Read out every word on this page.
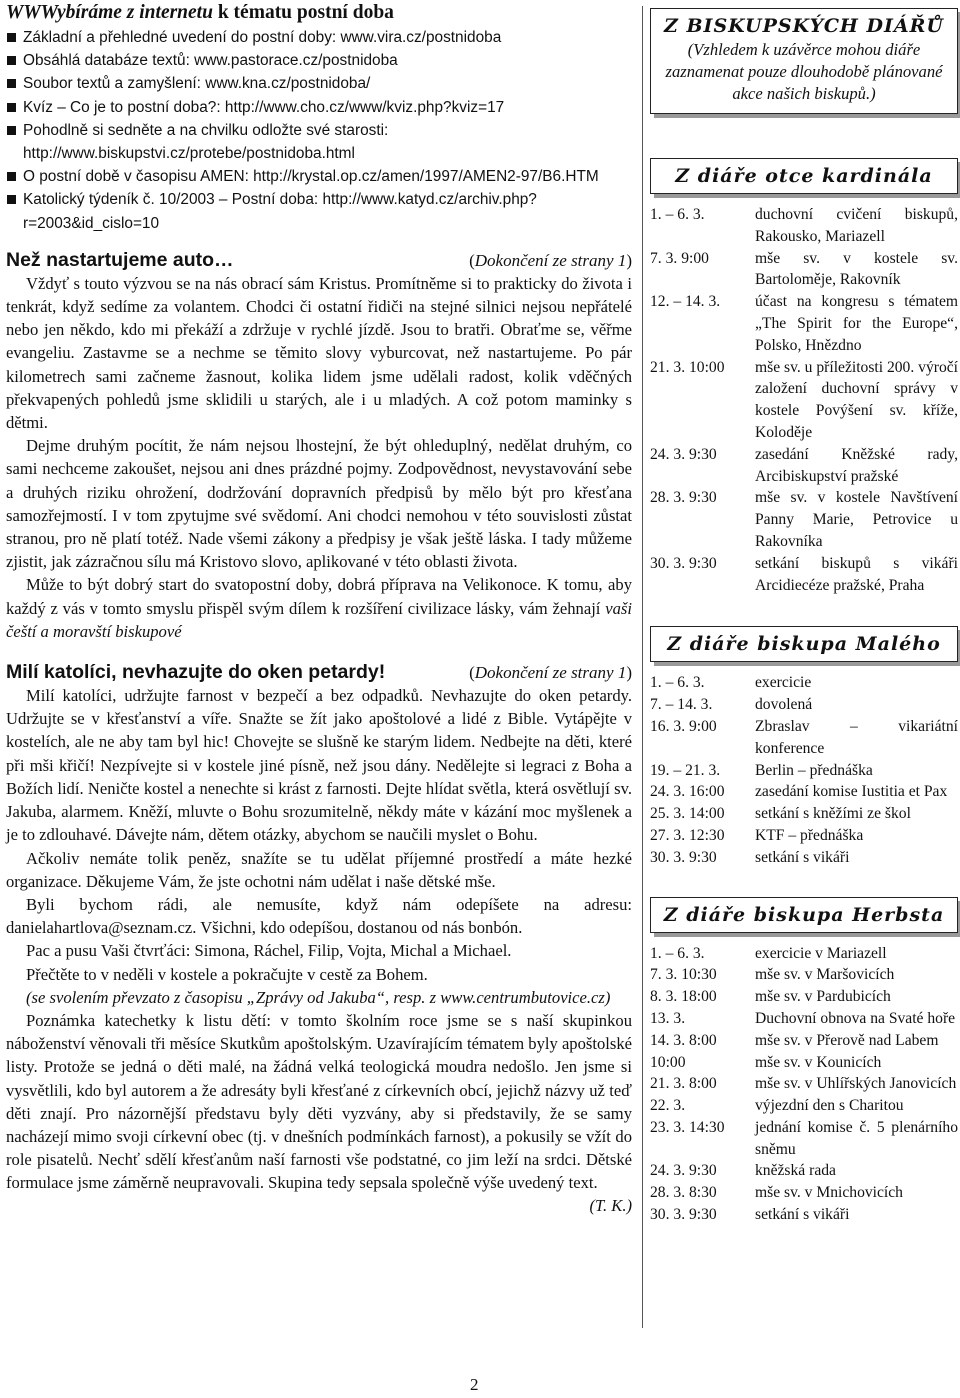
WWWybíráme z internetu k tématu postní doba
Základní a přehledné uvedení do postní doby: www.vira.cz/postnidoba
Obsáhlá databáze textů: www.pastorace.cz/postnidoba
Soubor textů a zamyšlení: www.kna.cz/postnidoba/
Kvíz – Co je to postní doba?: http://www.cho.cz/www/kviz.php?kviz=17
Pohodlně si sedněte a na chvilku odložte své starosti: http://www.biskupstvi.cz/protebe/postnidoba.html
O postní době v časopisu AMEN: http://krystal.op.cz/amen/1997/AMEN2-97/B6.HTM
Katolický týdeník č. 10/2003 – Postní doba: http://www.katyd.cz/archiv.php?r=2003&id_cislo=10
Než nastartujeme auto…	(Dokončení ze strany 1)

Vždyť s touto výzvou se na nás obrací sám Kristus. Promítněme si to prakticky do života i tenkrát, když sedíme za volantem. Chodci či ostatní řidiči na stejné silnici nejsou nepřátelé nebo jen někdo, kdo mi překáží a zdržuje v rychlé jízdě. Jsou to bratři. Obraťme se, věřme evangeliu. Zastavme se a nechme se těmito slovy vyburcovat, než nastartujeme. Po pár kilometrech sami začneme žasnout, kolika lidem jsme udělali radost, kolik vděčných překvapených pohledů jsme sklidili u starých, ale i u mladých. A což potom maminky s dětmi.

Dejme druhým pocítit, že nám nejsou lhostejní, že být ohleduplný, nedělat druhým, co sami nechceme zakoušet, nejsou ani dnes prázdné pojmy. Zodpovědnost, nevystavování sebe a druhých riziku ohrožení, dodržování dopravních předpisů by mělo být pro křesťana samozřejmostí. I v tom zpytujme své svědomí. Ani chodci nemohou v této souvislosti zůstat stranou, pro ně platí totéž. Nade všemi zákony a předpisy je však ještě láska. I tady můžeme zjistit, jak zázračnou sílu má Kristovo slovo, aplikované v této oblasti života.

Může to být dobrý start do svatopostní doby, dobrá příprava na Velikonoce. K tomu, aby každý z vás v tomto smyslu přispěl svým dílem k rozšíření civilizace lásky, vám žehnají vaši čeští a moravští biskupové

Milí katolíci, nevhazujte do oken petardy!	(Dokončení ze strany 1)

Milí katolíci, udržujte farnost v bezpečí a bez odpadků. Nevhazujte do oken petardy. Udržujte se v křesťanství a víře. Snažte se žít jako apoštolové a lidé z Bible. Vytápějte v kostelích, ale ne aby tam byl hic! Chovejte se slušně ke starým lidem. Nedbejte na děti, které při mši křičí! Nezpívejte si v kostele jiné písně, než jsou dány. Nedělejte si legraci z Boha a Božích lidí. Neničte kostel a nenechte si krást z farnosti. Dejte hlídat světla, která osvětlují sv. Jakuba, alarmem. Kněží, mluvte o Bohu srozumitelně, někdy máte v kázání moc myšlenek a je to zdlouhavé. Dávejte nám, dětem otázky, abychom se naučili myslet o Bohu.

Ačkoliv nemáte tolik peněz, snažíte se tu udělat příjemné prostředí a máte hezké organizace. Děkujeme Vám, že jste ochotni nám udělat i naše dětské mše.

Byli bychom rádi, ale nemusíte, když nám odepíšete na adresu: danielahartlova@seznam.cz. Všichni, kdo odepíšou, dostanou od nás bonbón.

Pac a pusu Vaši čtvrťáci: Simona, Ráchel, Filip, Vojta, Michal a Michael.

Přečtěte to v neděli v kostele a pokračujte v cestě za Bohem.

(se svolením převzato z časopisu „Zprávy od Jakuba“, resp. z www.centrumbutovice.cz)

Poznámka katechetky k listu dětí: v tomto školním roce jsme se s naší skupinkou náboženství věnovali tři měsíce Skutkům apoštolským. Uzavírajícím tématem byly apoštolské listy. Protože se jedná o děti malé, na žádná velká teologická moudra nedošlo. Jen jsme si vysvětlili, kdo byl autorem a že adresáty byli křesťané z církevních obcí, jejichž názvy už teď děti znají. Pro názornější představu byly děti vyzvány, aby si představily, že se samy nacházejí mimo svoji církevní obec (tj. v dnešních podmínkách farnost), a pokusily se vžít do role pisatelů. Nechť sdělí křesťanům naší farnosti vše podstatné, co jim leží na srdci. Dětské formulace jsme záměrně neupravovali. Skupina tedy sepsala společně výše uvedený text.

(T. K.)
Z BISKUPSKÝCH DIÁŘŮ
(Vzhledem k uzávěrce mohou diáře zaznamenat pouze dlouhodobě plánované akce našich biskupů.)
Z diáře otce kardinála
1. – 6. 3.	duchovní cvičení biskupů, Rakousko, Mariazell
7. 3. 9:00	mše sv. v kostele sv. Bartoloměje, Rakovník
12. – 14. 3.	účast na kongresu s tématem „The Spirit for the Europe“, Polsko, Hnězdno
21. 3. 10:00	mše sv. u příležitosti 200. výročí založení duchovní správy v kostele Povýšení sv. kříže, Koloděje
24. 3. 9:30	zasedání Kněžské rady, Arcibiskupství pražské
28. 3. 9:30	mše sv. v kostele Navštívení Panny Marie, Petrovice u Rakovníka
30. 3. 9:30	setkání biskupů s vikáři Arcidiecéze pražské, Praha
Z diáře biskupa Malého
1. – 6. 3.	exercicie
7. – 14. 3.	dovolená
16. 3. 9:00	Zbraslav – vikariátní konference
19. – 21. 3.	Berlin – přednáška
24. 3. 16:00	zasedání komise Iustitia et Pax
25. 3. 14:00	setkání s kněžími ze škol
27. 3. 12:30	KTF – přednáška
30. 3. 9:30	setkání s vikáři
Z diáře biskupa Herbsta
1. – 6. 3.	exercicie v Mariazell
7. 3. 10:30	mše sv. v Maršovicích
8. 3. 18:00	mše sv. v Pardubicích
13. 3.	Duchovní obnova na Svaté hoře
14. 3. 8:00	mše sv. v Přerově nad Labem
10:00	mše sv. v Kounicích
21. 3. 8:00	mše sv. v Uhlířských Janovicích
22. 3.	výjezdní den s Charitou
23. 3. 14:30	jednání komise č. 5 plenárního sněmu
24. 3. 9:30	kněžská rada
28. 3. 8:30	mše sv. v Mnichovicích
30. 3. 9:30	setkání s vikáři
2
